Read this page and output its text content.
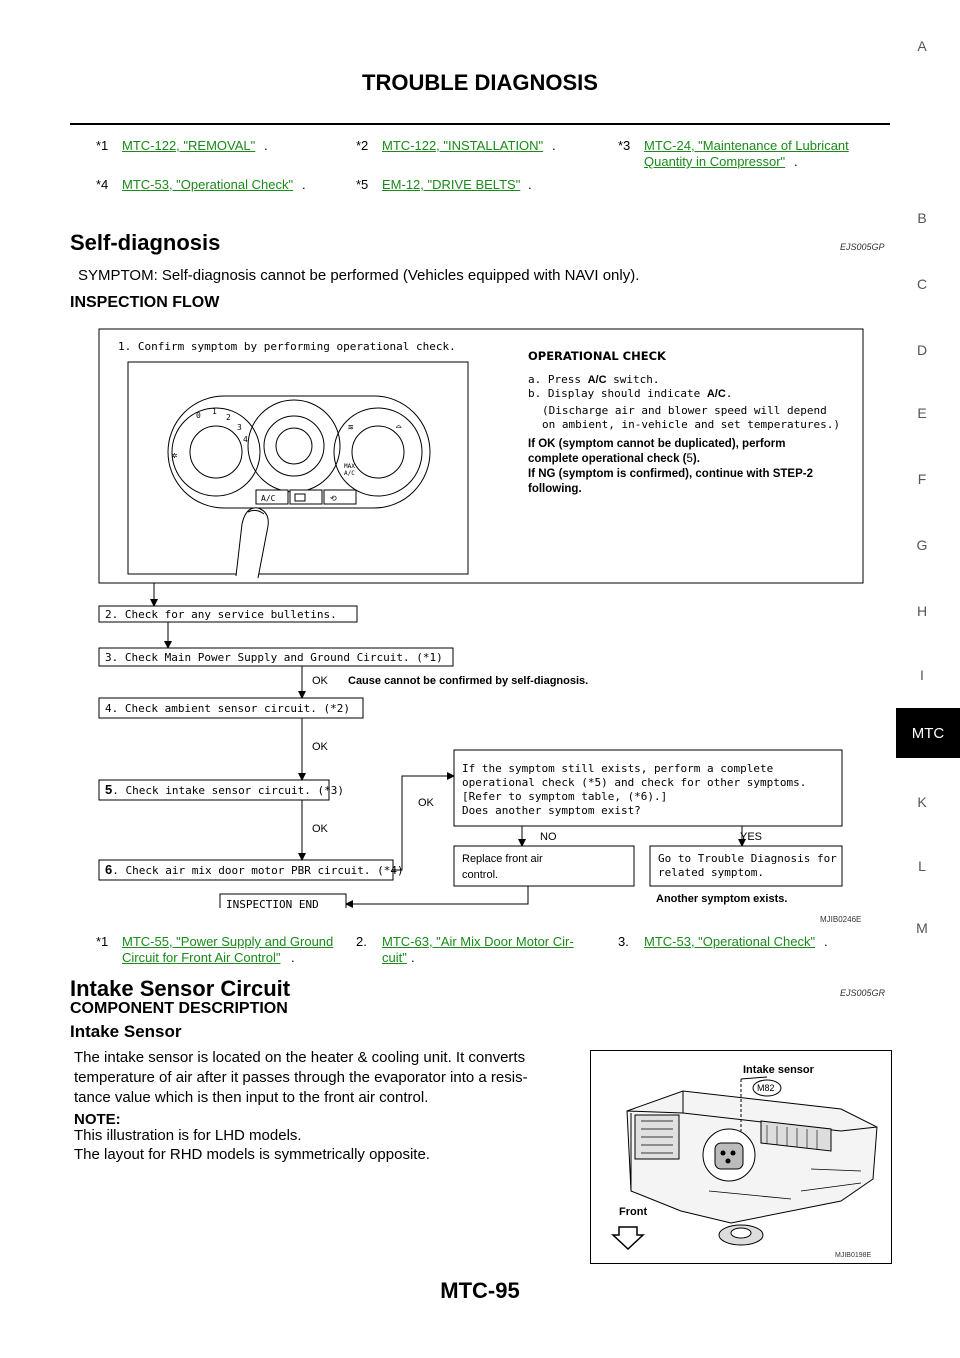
TROUBLE DIAGNOSIS
A
B
C
D
E
F
G
H
I
MTC
K
L
M
*1 MTC-122, "REMOVAL" .	*2 MTC-122, "INSTALLATION" .	*3 MTC-24, "Maintenance of Lubricant
Quantity in Compressor" .
*4 MTC-53, "Operational Check" .	*5 EM-12, "DRIVE BELTS" .
Self-diagnosis	EJS005GP
SYMPTOM: Self-diagnosis cannot be performed (Vehicles equipped with NAVI only).
INSPECTION FLOW
1. Confirm symptom by performing operational check.
0 1
2
3
4
✲
MAX
A/C
≋	⌓
A/C	⟲
OPERATIONAL CHECK
a. Press A/C switch.
b. Display should indicate A/C.
(Discharge air and blower speed will depend
on ambient, in-vehicle and set temperatures.)
If OK (symptom cannot be duplicated), perform
complete operational check (5).
If NG (symptom is confirmed), continue with STEP-2
following.
2. Check for any service bulletins.
3. Check Main Power Supply and Ground Circuit. (*1)
OK Cause cannot be confirmed by self-diagnosis.
4. Check ambient sensor circuit. (*2)
OK
5. Check intake sensor circuit. (*3)
OK
6. Check air mix door motor PBR circuit. (*4)
OK
If the symptom still exists, perform a complete
operational check (*5) and check for other symptoms.
[Refer to symptom table, (*6).]
Does another symptom exist?
NO	YES
Replace front air
control.
Go to Trouble Diagnosis for
related symptom.
Another symptom exists.
INSPECTION END
MJIB0246E
*1 MTC-55, "Power Supply and Ground
Circuit for Front Air Control" .
2. MTC-63, "Air Mix Door Motor Cir-
cuit" .
3. MTC-53, "Operational Check" .
Intake Sensor Circuit	EJS005GR
COMPONENT DESCRIPTION
Intake Sensor
The intake sensor is located on the heater & cooling unit. It converts
temperature of air after it passes through the evaporator into a resis-
tance value which is then input to the front air control.
NOTE:
This illustration is for LHD models.
The layout for RHD models is symmetrically opposite.
M82
Intake sensor
Front
MJIB0198E
MTC-95
